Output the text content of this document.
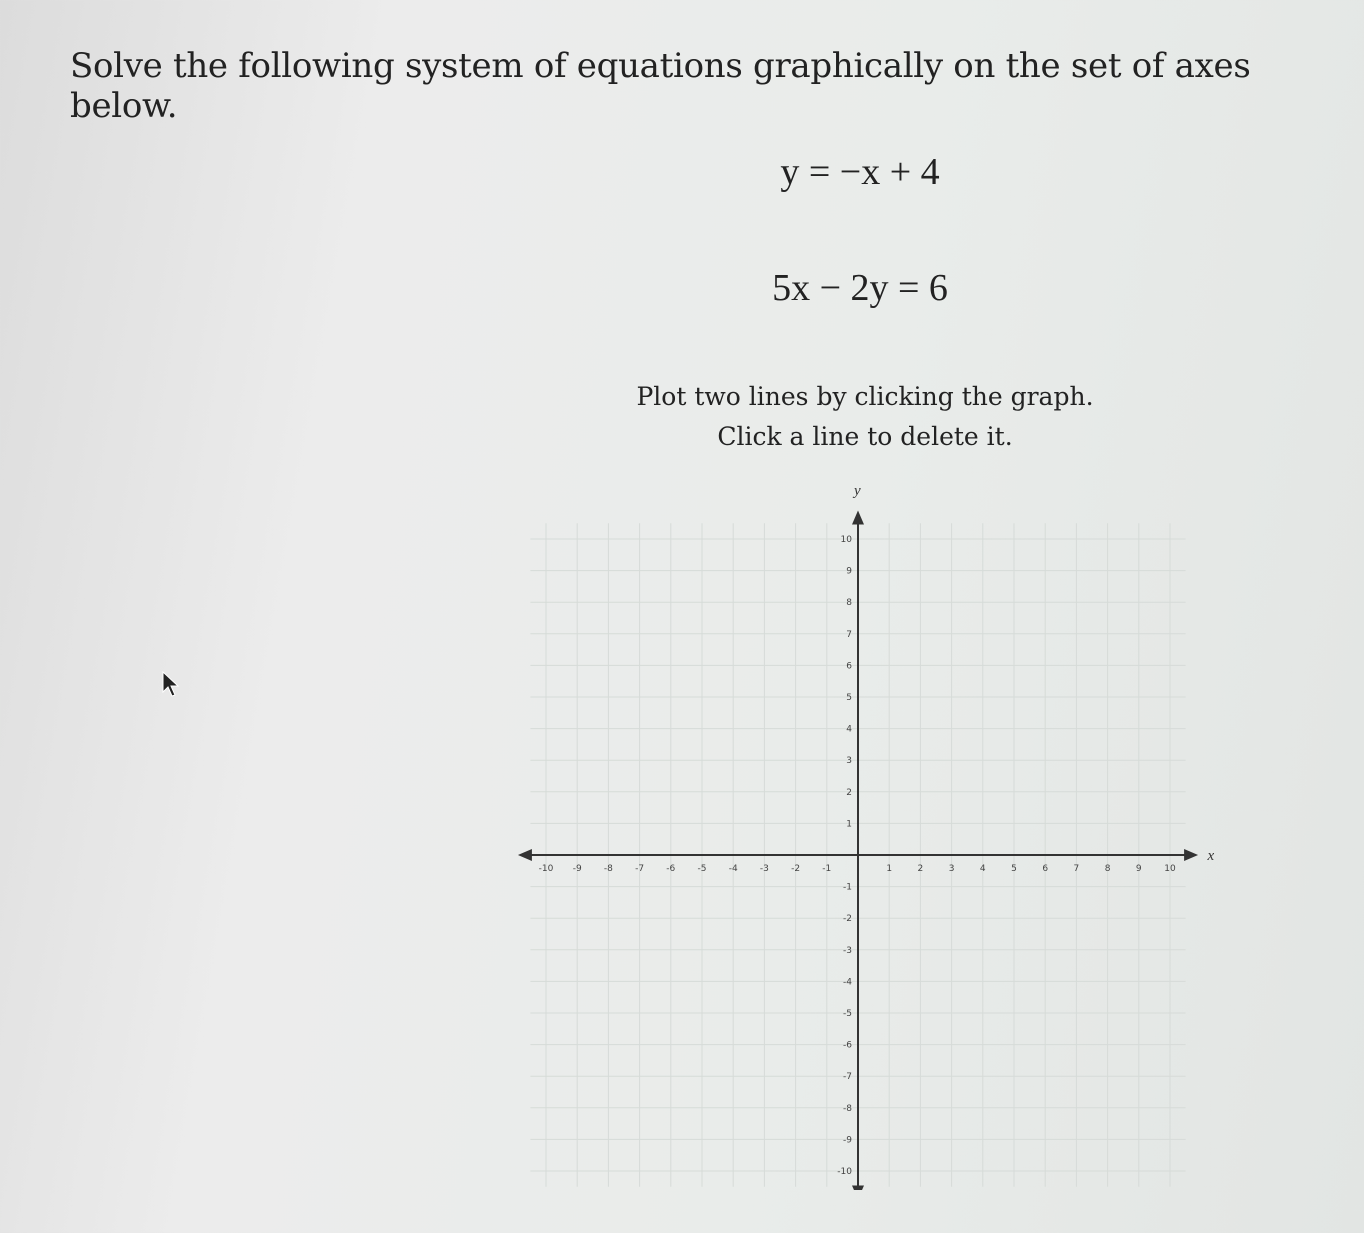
Solve the following system of equations graphically on the set of axes below.
y = −x + 4
5x − 2y = 6
Plot two lines by clicking the graph.
Click a line to delete it.
-10 -9 -8 -7 -6 -5 -4 -3 -2 -1	1	2	3	4	5	6	7	8	9	10
-10
-9
-8
-7
-6
-5
-4
-3
-2
-1
1
2
3
4
5
6
7
8
9
10
x
y
